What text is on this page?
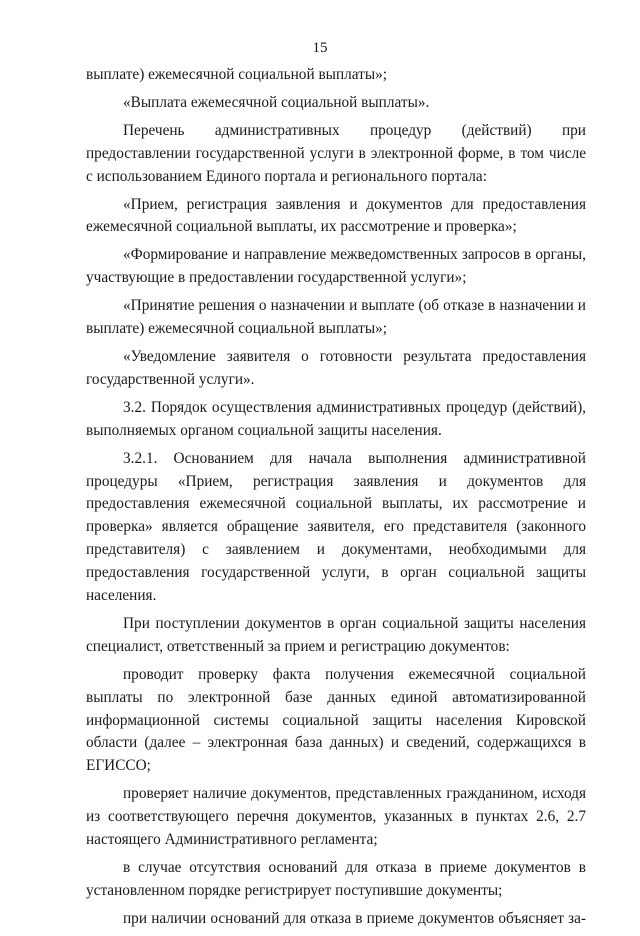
15

выплате) ежемесячной социальной выплаты»;

«Выплата ежемесячной социальной выплаты».

Перечень административных процедур (действий) при предоставлении государственной услуги в электронной форме, в том числе с использованием Единого портала и регионального портала:

«Прием, регистрация заявления и документов для предоставления ежемесячной социальной выплаты, их рассмотрение и проверка»;

«Формирование и направление межведомственных запросов в органы, участвующие в предоставлении государственной услуги»;

«Принятие решения о назначении и выплате (об отказе в назначении и выплате) ежемесячной социальной выплаты»;

«Уведомление заявителя о готовности результата предоставления государственной услуги».

3.2. Порядок осуществления административных процедур (действий), выполняемых органом социальной защиты населения.

3.2.1. Основанием для начала выполнения административной процедуры «Прием, регистрация заявления и документов для предоставления ежемесячной социальной выплаты, их рассмотрение и проверка» является обращение заявителя, его представителя (законного представителя) с заявлением и документами, необходимыми для предоставления государственной услуги, в орган социальной защиты населения.

При поступлении документов в орган социальной защиты населения специалист, ответственный за прием и регистрацию документов:

проводит проверку факта получения ежемесячной социальной выплаты по электронной базе данных единой автоматизированной информационной системы социальной защиты населения Кировской области (далее – электронная база данных) и сведений, содержащихся в ЕГИССО;

проверяет наличие документов, представленных гражданином, исходя из соответствующего перечня документов, указанных в пунктах 2.6, 2.7 настоящего Административного регламента;

в случае отсутствия оснований для отказа в приеме документов в установленном порядке регистрирует поступившие документы;

при наличии оснований для отказа в приеме документов объясняет за-
